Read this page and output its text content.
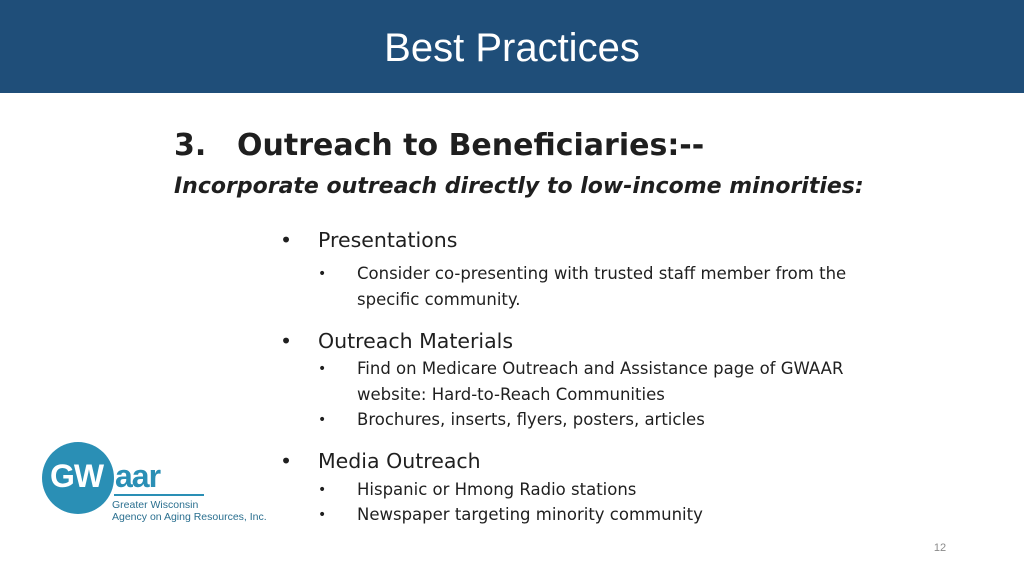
Best Practices
3. Outreach to Beneficiaries:--
Incorporate outreach directly to low-income minorities:
• Presentations
• Consider co-presenting with trusted staff member from the specific community.
• Outreach Materials
• Find on Medicare Outreach and Assistance page of GWAAR website: Hard-to-Reach Communities
• Brochures, inserts, flyers, posters, articles
• Media Outreach
• Hispanic or Hmong Radio stations
• Newspaper targeting minority community
GW aar
Greater Wisconsin
Agency on Aging Resources, Inc.
12
